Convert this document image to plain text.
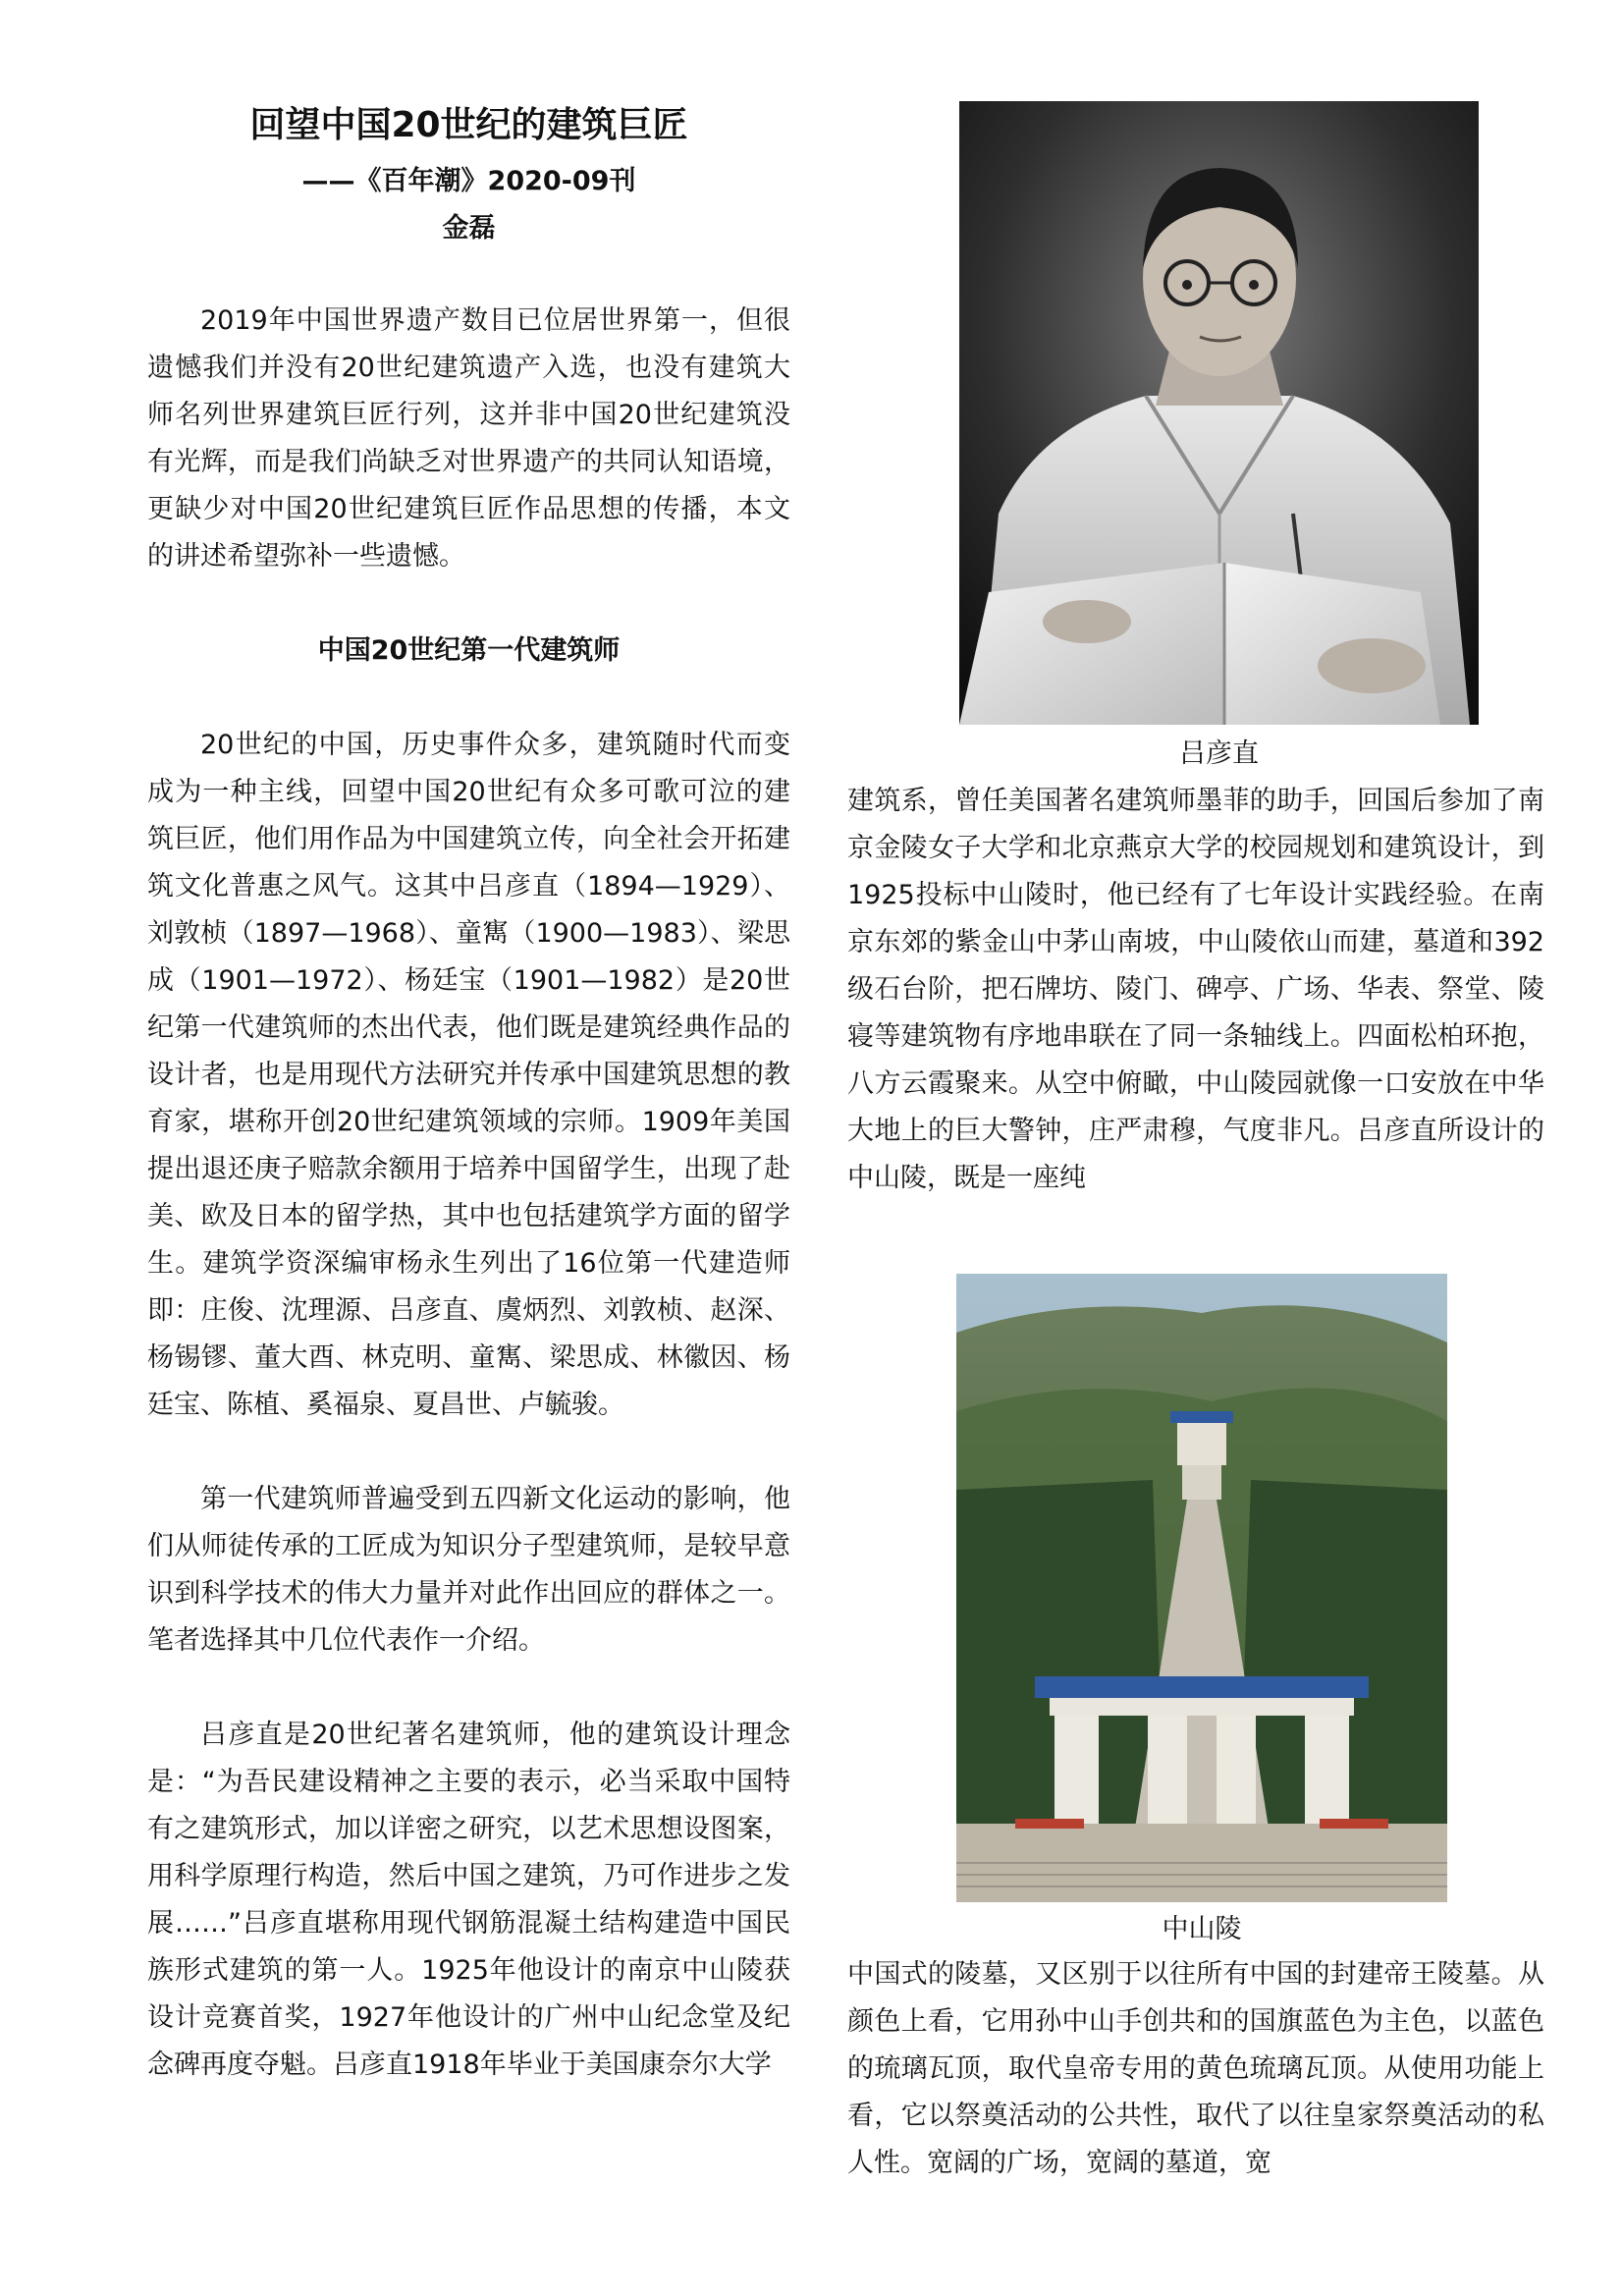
回望中国20世纪的建筑巨匠
——《百年潮》2020-09刊
金磊

2019年中国世界遗产数目已位居世界第一，但很遗憾我们并没有20世纪建筑遗产入选，也没有建筑大师名列世界建筑巨匠行列，这并非中国20世纪建筑没有光辉，而是我们尚缺乏对世界遗产的共同认知语境，更缺少对中国20世纪建筑巨匠作品思想的传播，本文的讲述希望弥补一些遗憾。

中国20世纪第一代建筑师

20世纪的中国，历史事件众多，建筑随时代而变成为一种主线，回望中国20世纪有众多可歌可泣的建筑巨匠，他们用作品为中国建筑立传，向全社会开拓建筑文化普惠之风气。这其中吕彦直（1894—1929）、刘敦桢（1897—1968）、童寯（1900—1983）、梁思成（1901—1972）、杨廷宝（1901—1982）是20世纪第一代建筑师的杰出代表，他们既是建筑经典作品的设计者，也是用现代方法研究并传承中国建筑思想的教育家，堪称开创20世纪建筑领域的宗师。1909年美国提出退还庚子赔款余额用于培养中国留学生，出现了赴美、欧及日本的留学热，其中也包括建筑学方面的留学生。建筑学资深编审杨永生列出了16位第一代建造师即：庄俊、沈理源、吕彦直、虞炳烈、刘敦桢、赵深、杨锡镠、董大酉、林克明、童寯、梁思成、林徽因、杨廷宝、陈植、奚福泉、夏昌世、卢毓骏。

第一代建筑师普遍受到五四新文化运动的影响，他们从师徒传承的工匠成为知识分子型建筑师，是较早意识到科学技术的伟大力量并对此作出回应的群体之一。笔者选择其中几位代表作一介绍。

吕彦直是20世纪著名建筑师，他的建筑设计理念是：“为吾民建设精神之主要的表示，必当采取中国特有之建筑形式，加以详密之研究，以艺术思想设图案，用科学原理行构造，然后中国之建筑，乃可作进步之发展……”吕彦直堪称用现代钢筋混凝土结构建造中国民族形式建筑的第一人。1925年他设计的南京中山陵获设计竞赛首奖，1927年他设计的广州中山纪念堂及纪念碑再度夺魁。吕彦直1918年毕业于美国康奈尔大学

吕彦直

建筑系，曾任美国著名建筑师墨菲的助手，回国后参加了南京金陵女子大学和北京燕京大学的校园规划和建筑设计，到1925投标中山陵时，他已经有了七年设计实践经验。在南京东郊的紫金山中茅山南坡，中山陵依山而建，墓道和392级石台阶，把石牌坊、陵门、碑亭、广场、华表、祭堂、陵寝等建筑物有序地串联在了同一条轴线上。四面松柏环抱，八方云霞聚来。从空中俯瞰，中山陵园就像一口安放在中华大地上的巨大警钟，庄严肃穆，气度非凡。吕彦直所设计的中山陵，既是一座纯

中山陵

中国式的陵墓，又区别于以往所有中国的封建帝王陵墓。从颜色上看，它用孙中山手创共和的国旗蓝色为主色，以蓝色的琉璃瓦顶，取代皇帝专用的黄色琉璃瓦顶。从使用功能上看，它以祭奠活动的公共性，取代了以往皇家祭奠活动的私人性。宽阔的广场，宽阔的墓道，宽
